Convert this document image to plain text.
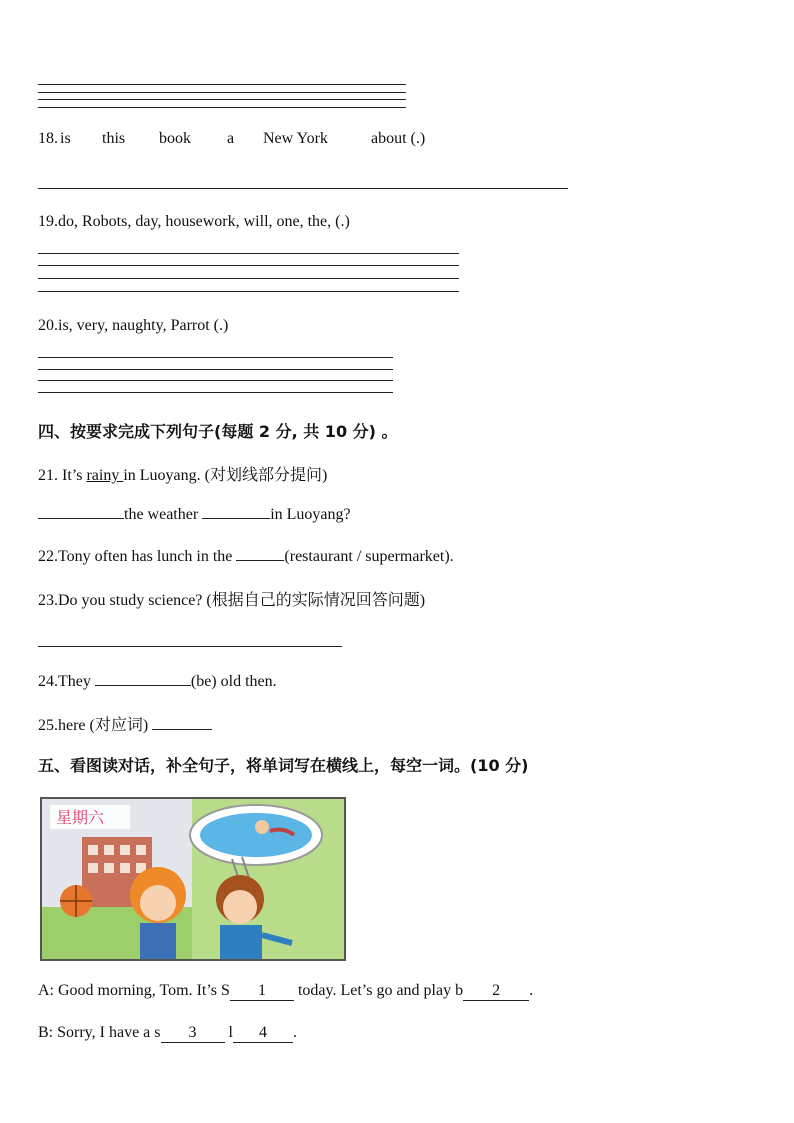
18. is this book a New York	about (.)
19.do, Robots, day, housework, will, one, the, (.)
20.is, very, naughty, Parrot (.)
四、按要求完成下列句子(每题 2 分, 共 10 分) 。
21. It’s rainy in Luoyang. (对划线部分提问)
the weather	in Luoyang?
22.Tony often has lunch in the	(restaurant / supermarket).
23.Do you study science? (根据自己的实际情况回答问题)
24.They	(be) old then.
25.here (对应词)
五、看图读对话，补全句子，将单词写在横线上，每空一词。(10 分)
星期六
A: Good morning, Tom. It’s S 1 today. Let’s go and play b 2 .
B: Sorry, I have a s 3 l 4 .
